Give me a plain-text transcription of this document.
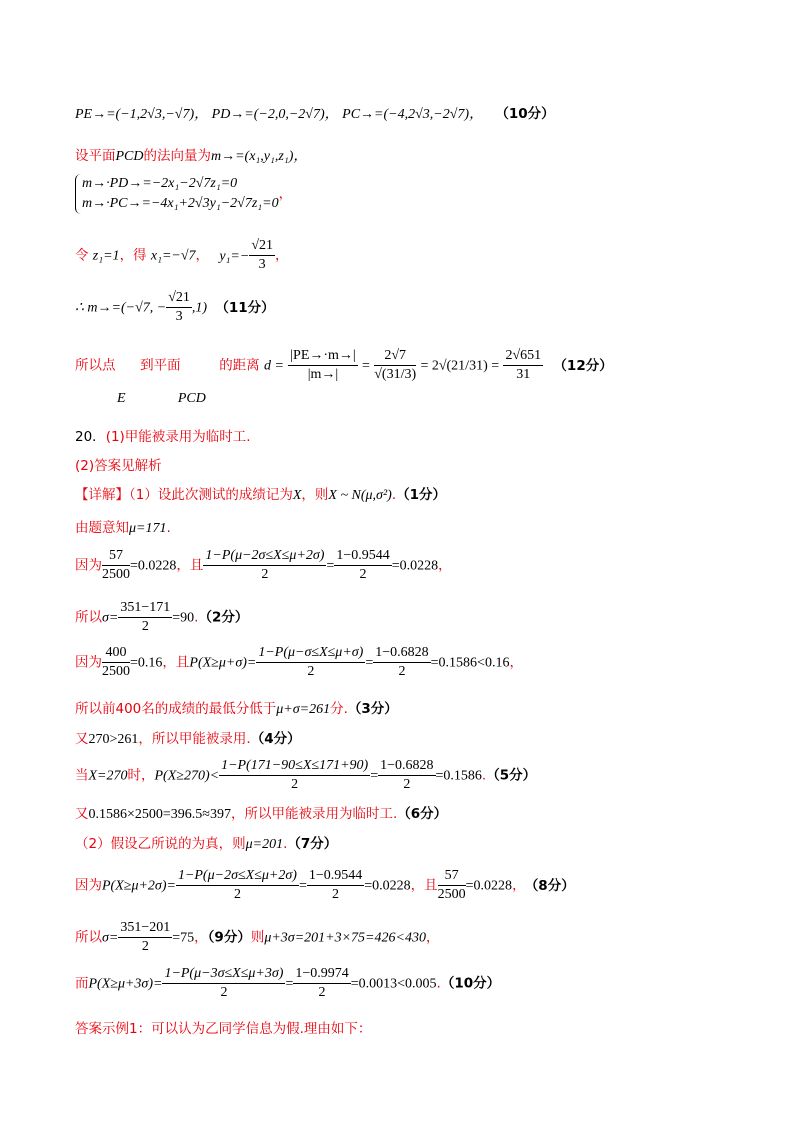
PE→=(−1,2√3,−√7)， PD→=(−2,0,−2√7)， PC→=(−4,2√3,−2√7)， （10分）
设平面PCD的法向量为m→=(x₁,y₁,z₁)，
m→·PD→=−2x₁−2√7z₁=0
m→·PC→=−4x₁+2√3y₁−2√7z₁=0
，
令 z₁=1，得 x₁=−√7， $y_1=- \frac{√21}{3}$ ，
∴ m→=(−√7, − $\frac{√21}{3} ,1$) （11分）
所以点 到平面	的距离 $d = \frac{|PE\to\cdot m\to|}{|m\to|} = \frac{2√7}{√(31/3)} = 2√(21/31) = \frac{2√651}{31} (12$分）
E	PCD
20．(1)甲能被录用为临时工.
(2)答案见解析
【详解】（1）设此次测试的成绩记为X，则X ~ N(μ,σ²).（1分）
由题意知μ=171.
因为 $\frac{57}{2500} =0.0228$，且 $\frac{1-P(\mu-2\sigma\le X\le\mu+2\sigma)}{2} = \frac{1-0.9544}{2} =0.0228$，
所以$\sigma= \frac{351-171}{2} =90.(2$分）
因为 $\frac{400}{2500} =0.16$，且$P(X\ge\mu+\sigma)= \frac{1-P(\mu-\sigma\le X\le\mu+\sigma)}{2} = \frac{1-0.6828}{2} =0.1586<0.16$，
所以前400名的成绩的最低分低于μ+σ=261分.（3分）
又270>261，所以甲能被录用.（4分）
当X=270时，$P(X\ge 270)< \frac{1-P(171-90\le X\le 171+90)}{2} = \frac{1-0.6828}{2} =0.1586.(5$分）
又0.1586×2500=396.5≈397，所以甲能被录用为临时工.（6分）
（2）假设乙所说的为真，则μ=201.（7分）
因为$P(X\ge\mu+2\sigma)= \frac{1-P(\mu-2\sigma\le X\le\mu+2\sigma)}{2} = \frac{1-0.9544}{2} =0.0228$，且 $\frac{57}{2500} =0.0228$， （8分）
所以$\sigma= \frac{351-201}{2} =75$，（9分）则μ+3σ=201+3×75=426<430，
而$P(X\ge\mu+3\sigma)= \frac{1-P(\mu-3\sigma\le X\le\mu+3\sigma)}{2} = \frac{1-0.9974}{2} =0.0013<0.005.(10$分）
答案示例1：可以认为乙同学信息为假.理由如下：
